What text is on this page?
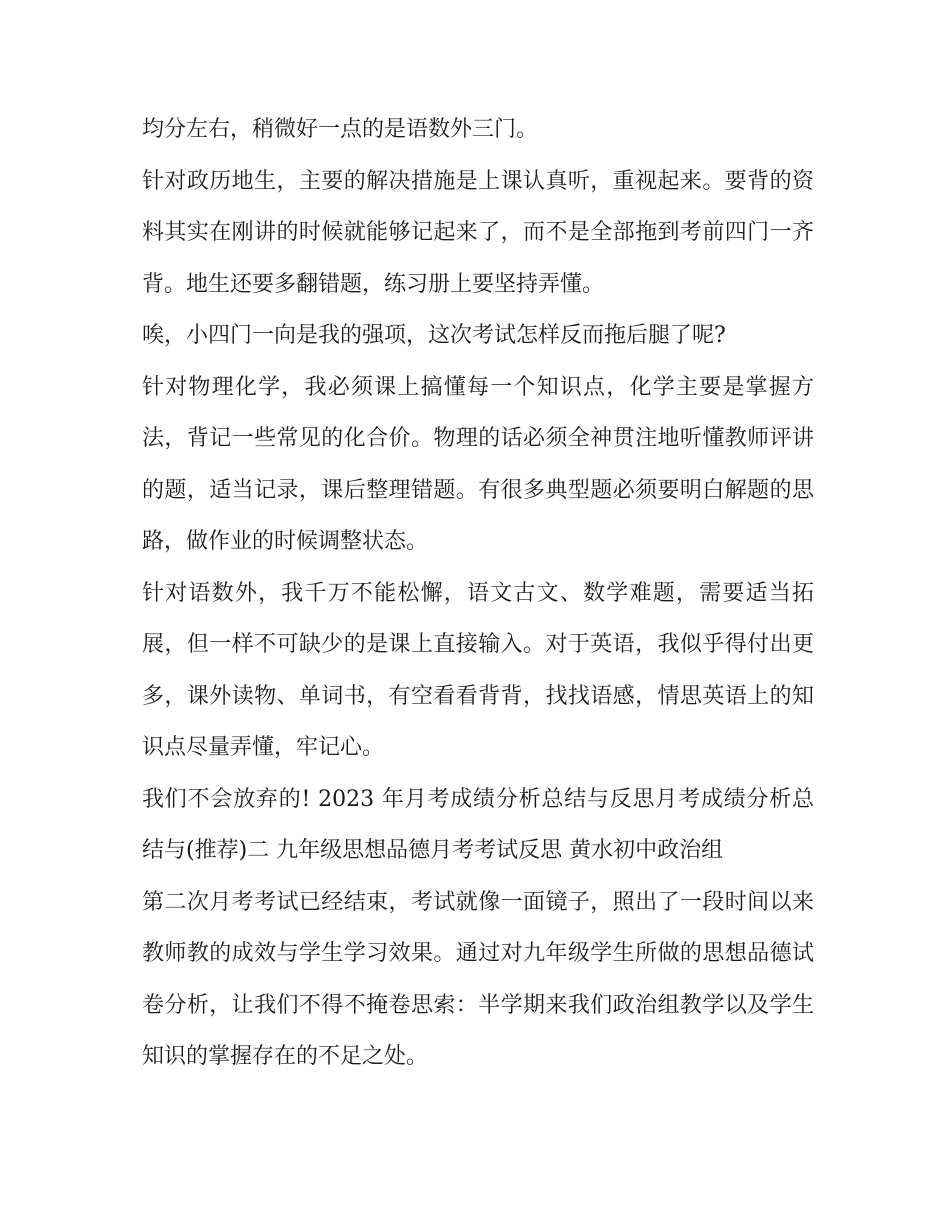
均分左右，稍微好一点的是语数外三门。

针对政历地生，主要的解决措施是上课认真听，重视起来。要背的资料其实在刚讲的时候就能够记起来了，而不是全部拖到考前四门一齐背。地生还要多翻错题，练习册上要坚持弄懂。

唉，小四门一向是我的强项，这次考试怎样反而拖后腿了呢?

针对物理化学，我必须课上搞懂每一个知识点，化学主要是掌握方法，背记一些常见的化合价。物理的话必须全神贯注地听懂教师评讲的题，适当记录，课后整理错题。有很多典型题必须要明白解题的思路，做作业的时候调整状态。

针对语数外，我千万不能松懈，语文古文、数学难题，需要适当拓展，但一样不可缺少的是课上直接输入。对于英语，我似乎得付出更多，课外读物、单词书，有空看看背背，找找语感，情思英语上的知识点尽量弄懂，牢记心。

我们不会放弃的! 2023 年月考成绩分析总结与反思月考成绩分析总结与(推荐)二 九年级思想品德月考考试反思 黄水初中政治组

第二次月考考试已经结束，考试就像一面镜子，照出了一段时间以来教师教的成效与学生学习效果。通过对九年级学生所做的思想品德试卷分析，让我们不得不掩卷思索：半学期来我们政治组教学以及学生知识的掌握存在的不足之处。
